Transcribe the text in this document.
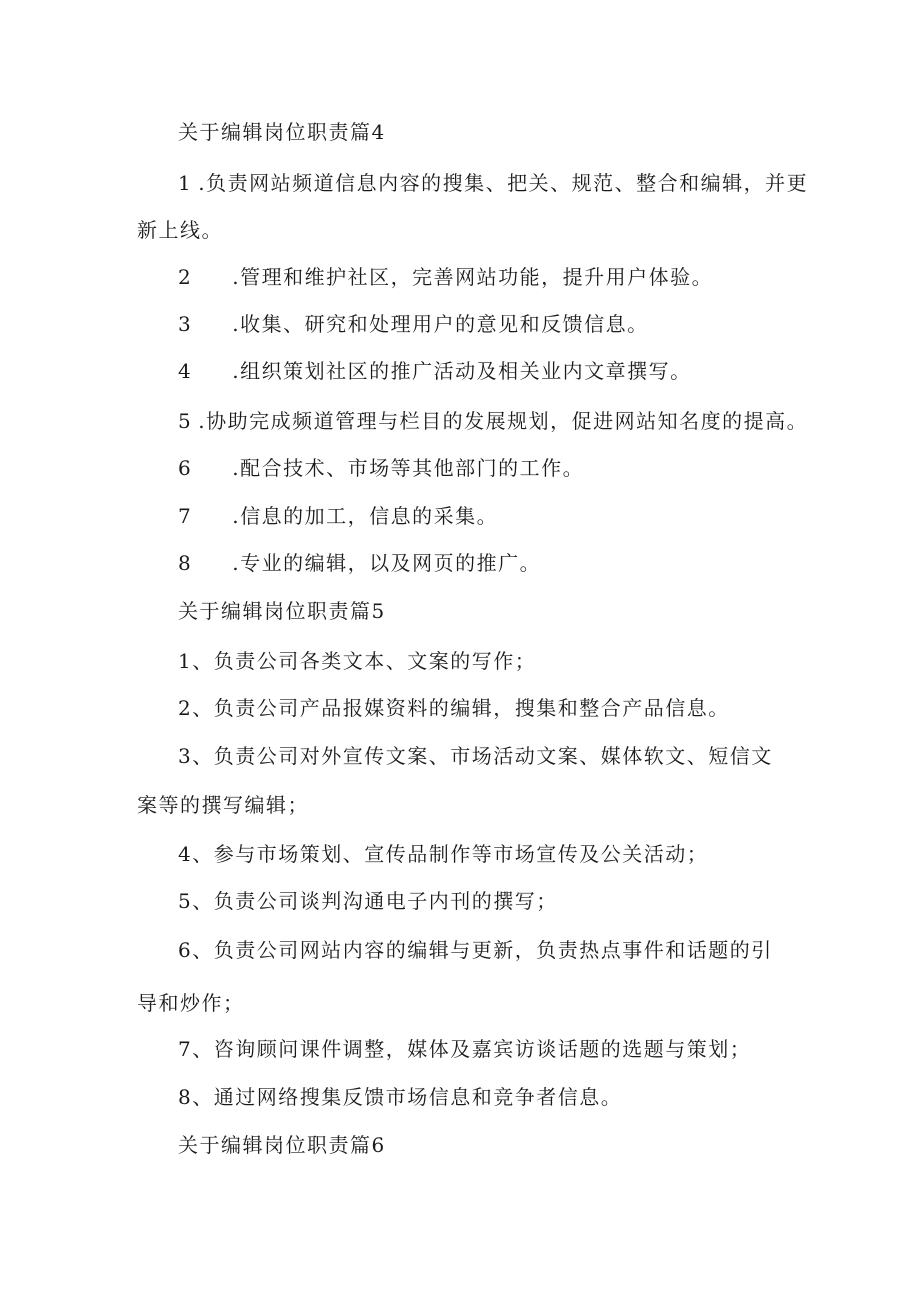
关于编辑岗位职责篇4
1 .负责网站频道信息内容的搜集、把关、规范、整合和编辑，并更
新上线。
2 .管理和维护社区，完善网站功能，提升用户体验。
3 .收集、研究和处理用户的意见和反馈信息。
4 .组织策划社区的推广活动及相关业内文章撰写。
5 .协助完成频道管理与栏目的发展规划，促进网站知名度的提高。
6 .配合技术、市场等其他部门的工作。
7 .信息的加工，信息的采集。
8 .专业的编辑，以及网页的推广。
关于编辑岗位职责篇5
1、负责公司各类文本、文案的写作；
2、负责公司产品报媒资料的编辑，搜集和整合产品信息。
3、负责公司对外宣传文案、市场活动文案、媒体软文、短信文
案等的撰写编辑；
4、参与市场策划、宣传品制作等市场宣传及公关活动；
5、负责公司谈判沟通电子内刊的撰写；
6、负责公司网站内容的编辑与更新，负责热点事件和话题的引
导和炒作；
7、咨询顾问课件调整，媒体及嘉宾访谈话题的选题与策划；
8、通过网络搜集反馈市场信息和竞争者信息。
关于编辑岗位职责篇6
